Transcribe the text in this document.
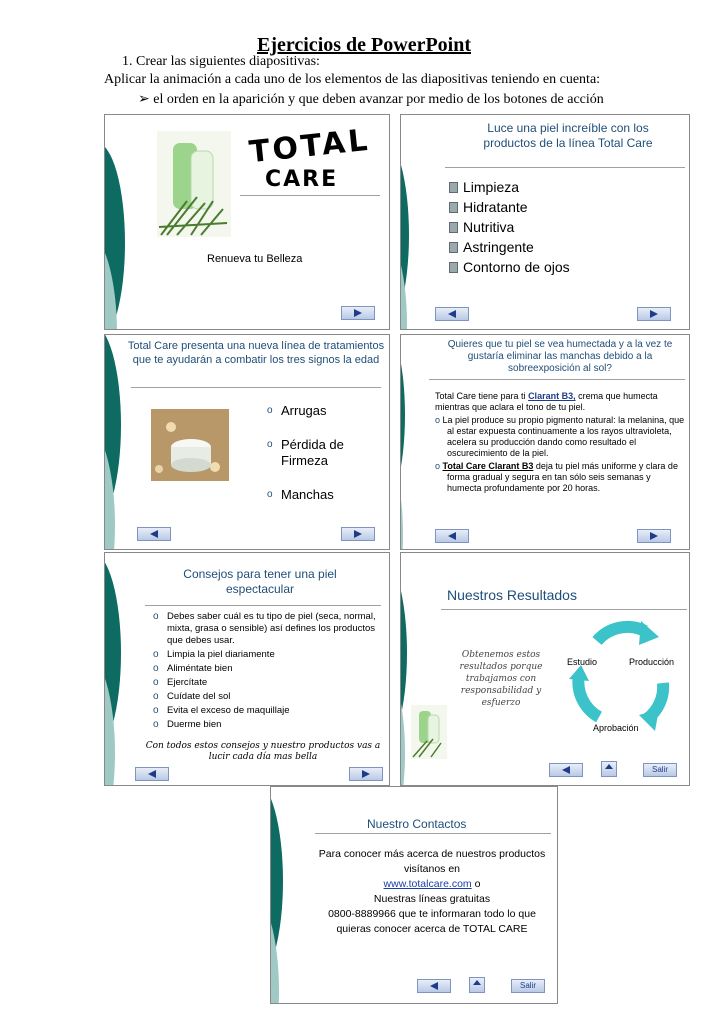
Ejercicios de PowerPoint
1. Crear las siguientes diapositivas:
Aplicar la animación a cada uno de los elementos de las diapositivas teniendo en cuenta:
➢ el orden en la aparición y que deben avanzar por medio de los botones de acción
TOTAL
CARE
Renueva tu Belleza
Luce una piel increíble con los productos de la línea Total Care
Limpieza
Hidratante
Nutritiva
Astringente
Contorno de ojos
Total Care presenta una nueva línea de tratamientos que te ayudarán a combatir los tres signos la edad
o Arrugas
o Pérdida de Firmeza
o Manchas
Quieres que tu piel se vea humectada y a la vez te gustaría eliminar las manchas debido a la sobreexposición al sol?
Total Care tiene para ti Clarant B3, crema que humecta mientras que aclara el tono de tu piel.
o La piel produce su propio pigmento natural: la melanina, que al estar expuesta continuamente a los rayos ultravioleta, acelera su producción dando como resultado el oscurecimiento de la piel.
o Total Care Clarant B3 deja tu piel más uniforme y clara de forma gradual y segura en tan sólo seis semanas y humecta profundamente por 20 horas.
Consejos para tener una piel espectacular
o Debes saber cuál es tu tipo de piel (seca, normal, mixta, grasa o sensible) así defines los productos que debes usar.
o Limpia la piel diariamente
o Aliméntate bien
o Ejercítate
o Cuídate del sol
o Evita el exceso de maquillaje
o Duerme bien
Con todos estos consejos y nuestro productos vas a lucir cada día mas bella
Nuestros Resultados
Obtenemos estos resultados porque trabajamos con responsabilidad y esfuerzo
Estudio	Producción
Aprobación
Salir
Nuestro Contactos
Para conocer más acerca de nuestros productos visítanos en
www.totalcare.com o
Nuestras líneas gratuitas
0800-8889966 que te informaran todo lo que quieras conocer acerca de TOTAL CARE
Salir
